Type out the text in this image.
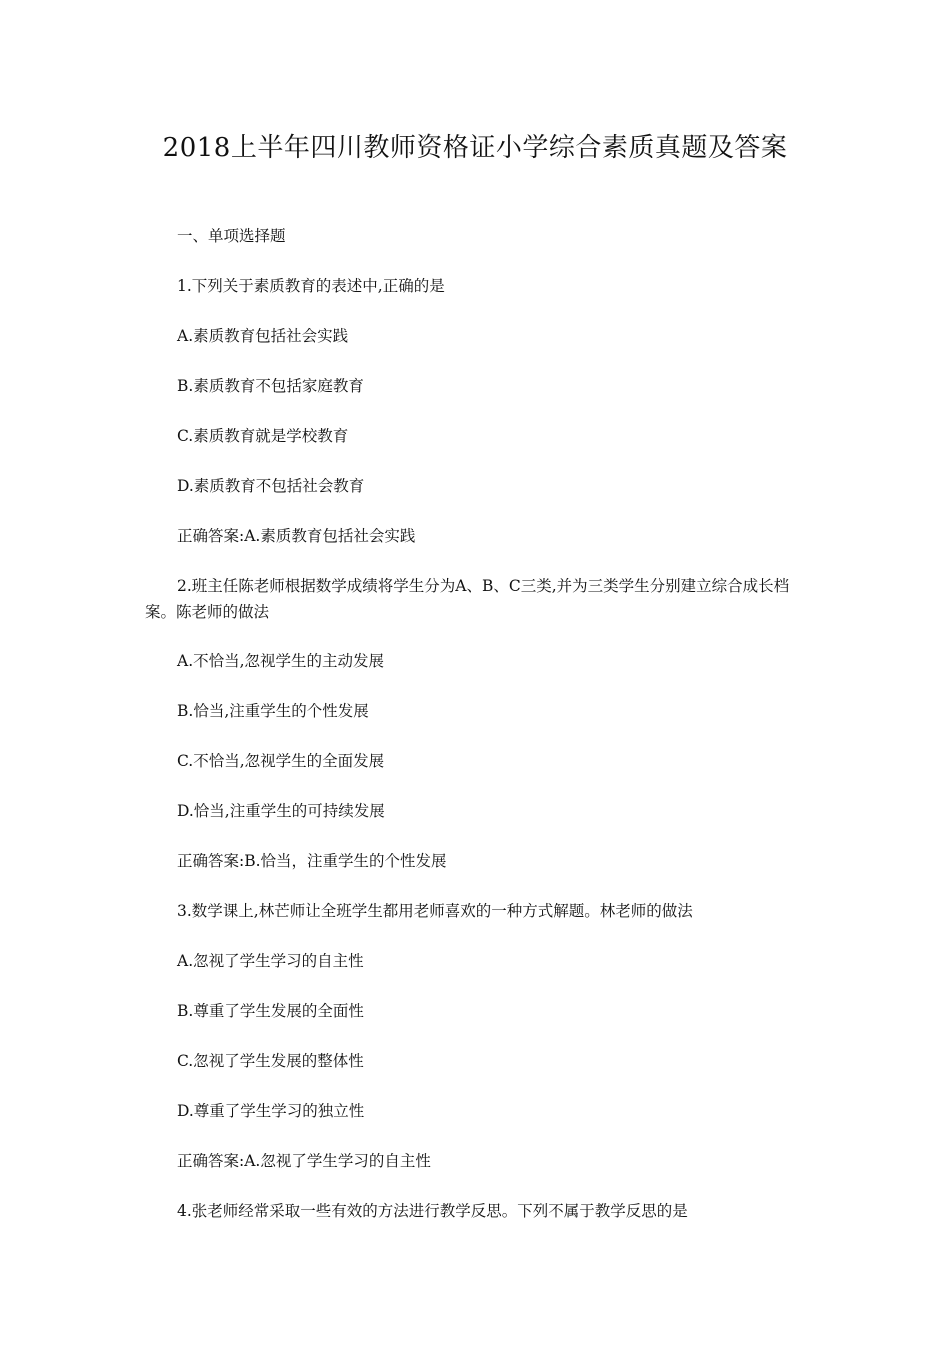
2018上半年四川教师资格证小学综合素质真题及答案

一、单项选择题

1.下列关于素质教育的表述中,正确的是

A.素质教育包括社会实践

B.素质教育不包括家庭教育

C.素质教育就是学校教育

D.素质教育不包括社会教育

正确答案:A.素质教育包括社会实践

2.班主任陈老师根据数学成绩将学生分为A、B、C三类,并为三类学生分别建立综合成长档案。陈老师的做法

A.不恰当,忽视学生的主动发展

B.恰当,注重学生的个性发展

C.不恰当,忽视学生的全面发展

D.恰当,注重学生的可持续发展

正确答案:B.恰当，注重学生的个性发展

3.数学课上,林芒师让全班学生都用老师喜欢的一种方式解题。林老师的做法

A.忽视了学生学习的自主性

B.尊重了学生发展的全面性

C.忽视了学生发展的整体性

D.尊重了学生学习的独立性

正确答案:A.忽视了学生学习的自主性

4.张老师经常采取一些有效的方法进行教学反思。下列不属于教学反思的是
